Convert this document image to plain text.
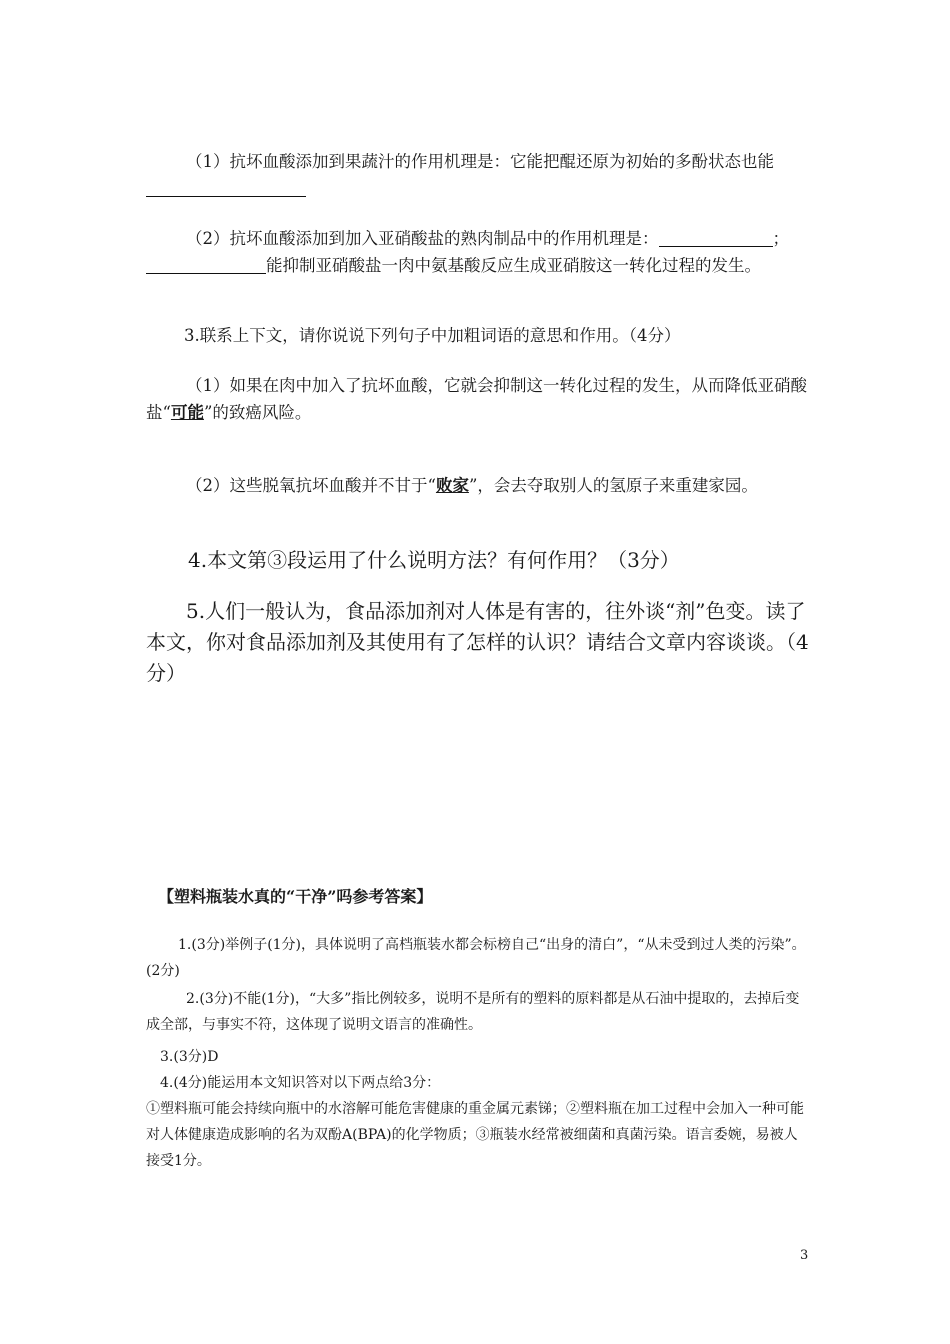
（1）抗坏血酸添加到果蔬汁的作用机理是：它能把醌还原为初始的多酚状态也能
（2）抗坏血酸添加到加入亚硝酸盐的熟肉制品中的作用机理是：	；能抑制亚硝酸盐一肉中氨基酸反应生成亚硝胺这一转化过程的发生。
3.联系上下文，请你说说下列句子中加粗词语的意思和作用。（4分）
（1）如果在肉中加入了抗坏血酸，它就会抑制这一转化过程的发生，从而降低亚硝酸盐“可能”的致癌风险。
（2）这些脱氧抗坏血酸并不甘于“败家”，会去夺取别人的氢原子来重建家园。
4.本文第③段运用了什么说明方法？有何作用？（3分）
5.人们一般认为，食品添加剂对人体是有害的，往外谈“剂”色变。读了本文，你对食品添加剂及其使用有了怎样的认识？请结合文章内容谈谈。（4分）
【塑料瓶装水真的“干净”吗参考答案】
1.(3分)举例子(1分)，具体说明了高档瓶装水都会标榜自己“出身的清白”，“从未受到过人类的污染”。(2分)
2.(3分)不能(1分)，“大多”指比例较多，说明不是所有的塑料的原料都是从石油中提取的，去掉后变成全部，与事实不符，这体现了说明文语言的准确性。
3.(3分)D
4.(4分)能运用本文知识答对以下两点给3分：
①塑料瓶可能会持续向瓶中的水溶解可能危害健康的重金属元素锑；②塑料瓶在加工过程中会加入一种可能对人体健康造成影响的名为双酚A(BPA)的化学物质；③瓶装水经常被细菌和真菌污染。语言委婉，易被人接受1分。
3
